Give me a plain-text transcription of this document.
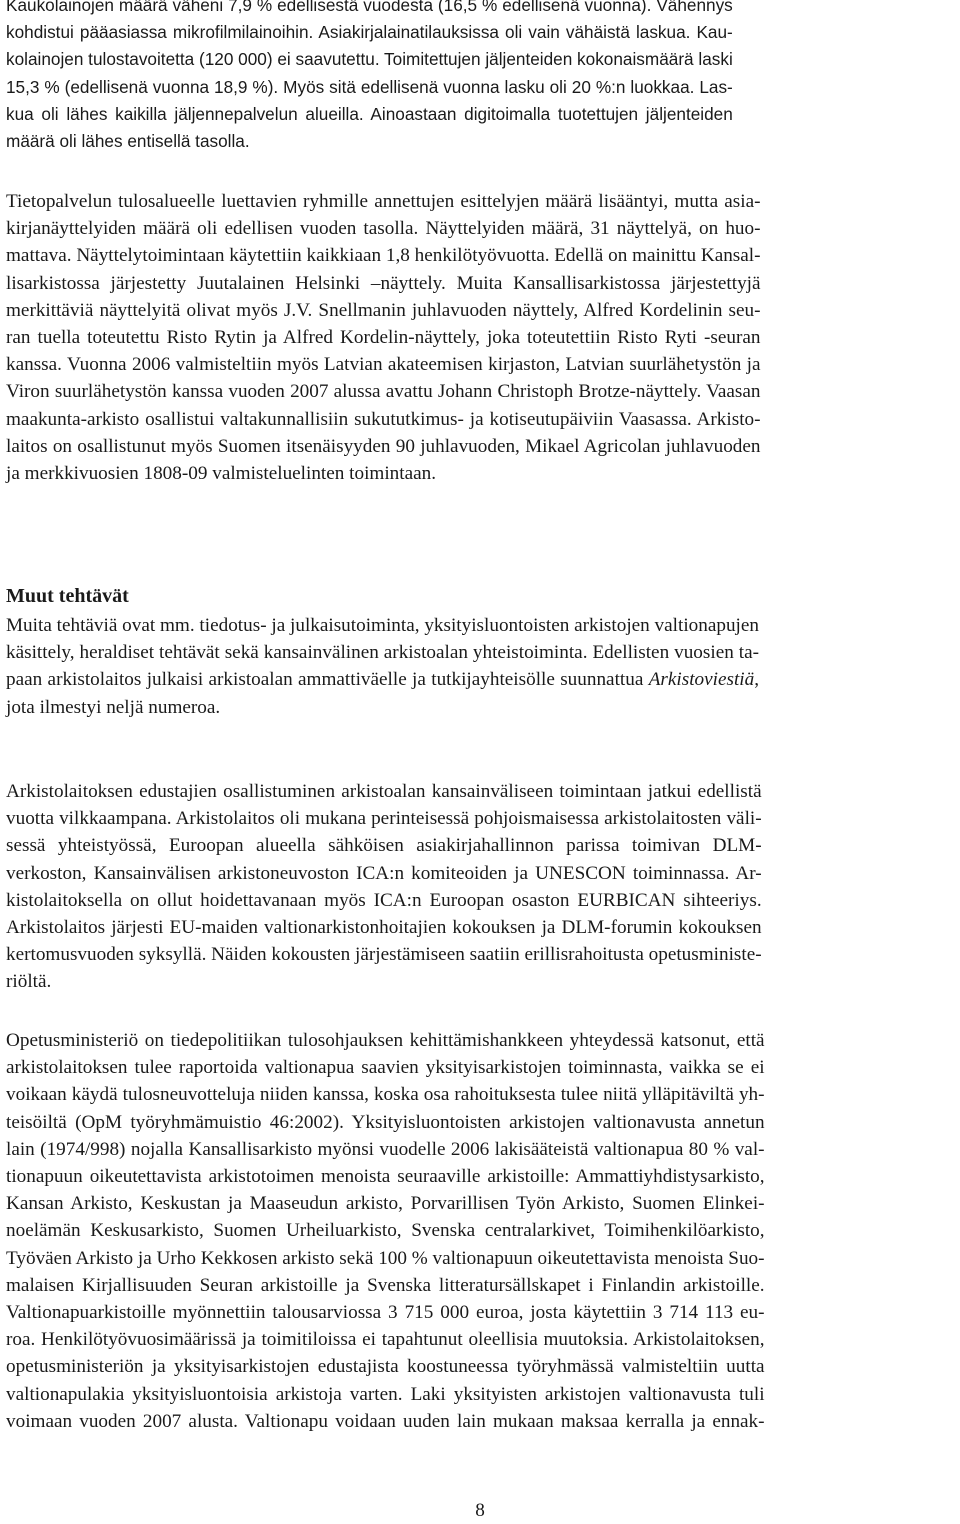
Kaukolainojen määrä väheni 7,9 % edellisestä vuodesta (16,5 % edellisenä vuonna). Vähennys
kohdistui pääasiassa mikrofilmilainoihin. Asiakirjalainatilauksissa oli vain vähäistä laskua. Kau-
kolainojen tulostavoitetta (120 000) ei saavutettu. Toimitettujen jäljenteiden kokonaismäärä laski
15,3 % (edellisenä vuonna 18,9 %). Myös sitä edellisenä vuonna lasku oli 20 %:n luokkaa. Las-
kua oli lähes kaikilla jäljennepalvelun alueilla. Ainoastaan digitoimalla tuotettujen jäljenteiden
määrä oli lähes entisellä tasolla.
Tietopalvelun tulosalueelle luettavien ryhmille annettujen esittelyjen määrä lisääntyi, mutta asia-
kirjanäyttelyiden määrä oli edellisen vuoden tasolla. Näyttelyiden määrä, 31 näyttelyä, on huo-
mattava. Näyttelytoimintaan käytettiin kaikkiaan 1,8 henkilötyövuotta. Edellä on mainittu Kansal-
lisarkistossa järjestetty Juutalainen Helsinki –näyttely. Muita Kansallisarkistossa järjestettyjä
merkittäviä näyttelyitä olivat myös J.V. Snellmanin juhlavuoden näyttely, Alfred Kordelinin seu-
ran tuella toteutettu Risto Rytin ja Alfred Kordelin-näyttely, joka toteutettiin Risto Ryti -seuran
kanssa. Vuonna 2006 valmisteltiin myös Latvian akateemisen kirjaston, Latvian suurlähetystön ja
Viron suurlähetystön kanssa vuoden 2007 alussa avattu Johann Christoph Brotze-näyttely. Vaasan
maakunta-arkisto osallistui valtakunnallisiin sukututkimus- ja kotiseutupäiviin Vaasassa. Arkisto-
laitos on osallistunut myös Suomen itsenäisyyden 90 juhlavuoden, Mikael Agricolan juhlavuoden
ja merkkivuosien 1808-09 valmisteluelinten toimintaan.
Muut tehtävät
Muita tehtäviä ovat mm. tiedotus- ja julkaisutoiminta, yksityisluontoisten arkistojen valtionapujen
käsittely, heraldiset tehtävät sekä kansainvälinen arkistoalan yhteistoiminta. Edellisten vuosien ta-
paan arkistolaitos julkaisi arkistoalan ammattiväelle ja tutkijayhteisölle suunnattua Arkistoviestiä,
jota ilmestyi neljä numeroa.
Arkistolaitoksen edustajien osallistuminen arkistoalan kansainväliseen toimintaan jatkui edellistä
vuotta vilkkaampana. Arkistolaitos oli mukana perinteisessä pohjoismaisessa arkistolaitosten väli-
sessä yhteistyössä, Euroopan alueella sähköisen asiakirjahallinnon parissa toimivan DLM-
verkoston, Kansainvälisen arkistoneuvoston ICA:n komiteoiden ja UNESCON toiminnassa. Ar-
kistolaitoksella on ollut hoidettavanaan myös ICA:n Euroopan osaston EURBICAN sihteeriys.
Arkistolaitos järjesti EU-maiden valtionarkistonhoitajien kokouksen ja DLM-forumin kokouksen
kertomusvuoden syksyllä. Näiden kokousten järjestämiseen saatiin erillisrahoitusta opetusministe-
riöltä.
Opetusministeriö on tiedepolitiikan tulosohjauksen kehittämishankkeen yhteydessä katsonut, että
arkistolaitoksen tulee raportoida valtionapua saavien yksityisarkistojen toiminnasta, vaikka se ei
voikaan käydä tulosneuvotteluja niiden kanssa, koska osa rahoituksesta tulee niitä ylläpitäviltä yh-
teisöiltä (OpM työryhmämuistio 46:2002). Yksityisluontoisten arkistojen valtionavusta annetun
lain (1974/998) nojalla Kansallisarkisto myönsi vuodelle 2006 lakisääteistä valtionapua 80 % val-
tionapuun oikeutettavista arkistotoimen menoista seuraaville arkistoille: Ammattiyhdistysarkisto,
Kansan Arkisto, Keskustan ja Maaseudun arkisto, Porvarillisen Työn Arkisto, Suomen Elinkei-
noelämän Keskusarkisto, Suomen Urheiluarkisto, Svenska centralarkivet, Toimihenkilöarkisto,
Työväen Arkisto ja Urho Kekkosen arkisto sekä 100 % valtionapuun oikeutettavista menoista Suo-
malaisen Kirjallisuuden Seuran arkistoille ja Svenska litteratursällskapet i Finlandin arkistoille.
Valtionapuarkistoille myönnettiin talousarviossa 3 715 000 euroa, josta käytettiin 3 714 113 eu-
roa. Henkilötyövuosimäärissä ja toimitiloissa ei tapahtunut oleellisia muutoksia. Arkistolaitoksen,
opetusministeriön ja yksityisarkistojen edustajista koostuneessa työryhmässä valmisteltiin uutta
valtionapulakia yksityisluontoisia arkistoja varten. Laki yksityisten arkistojen valtionavusta tuli
voimaan vuoden 2007 alusta. Valtionapu voidaan uuden lain mukaan maksaa kerralla ja ennak-
8
